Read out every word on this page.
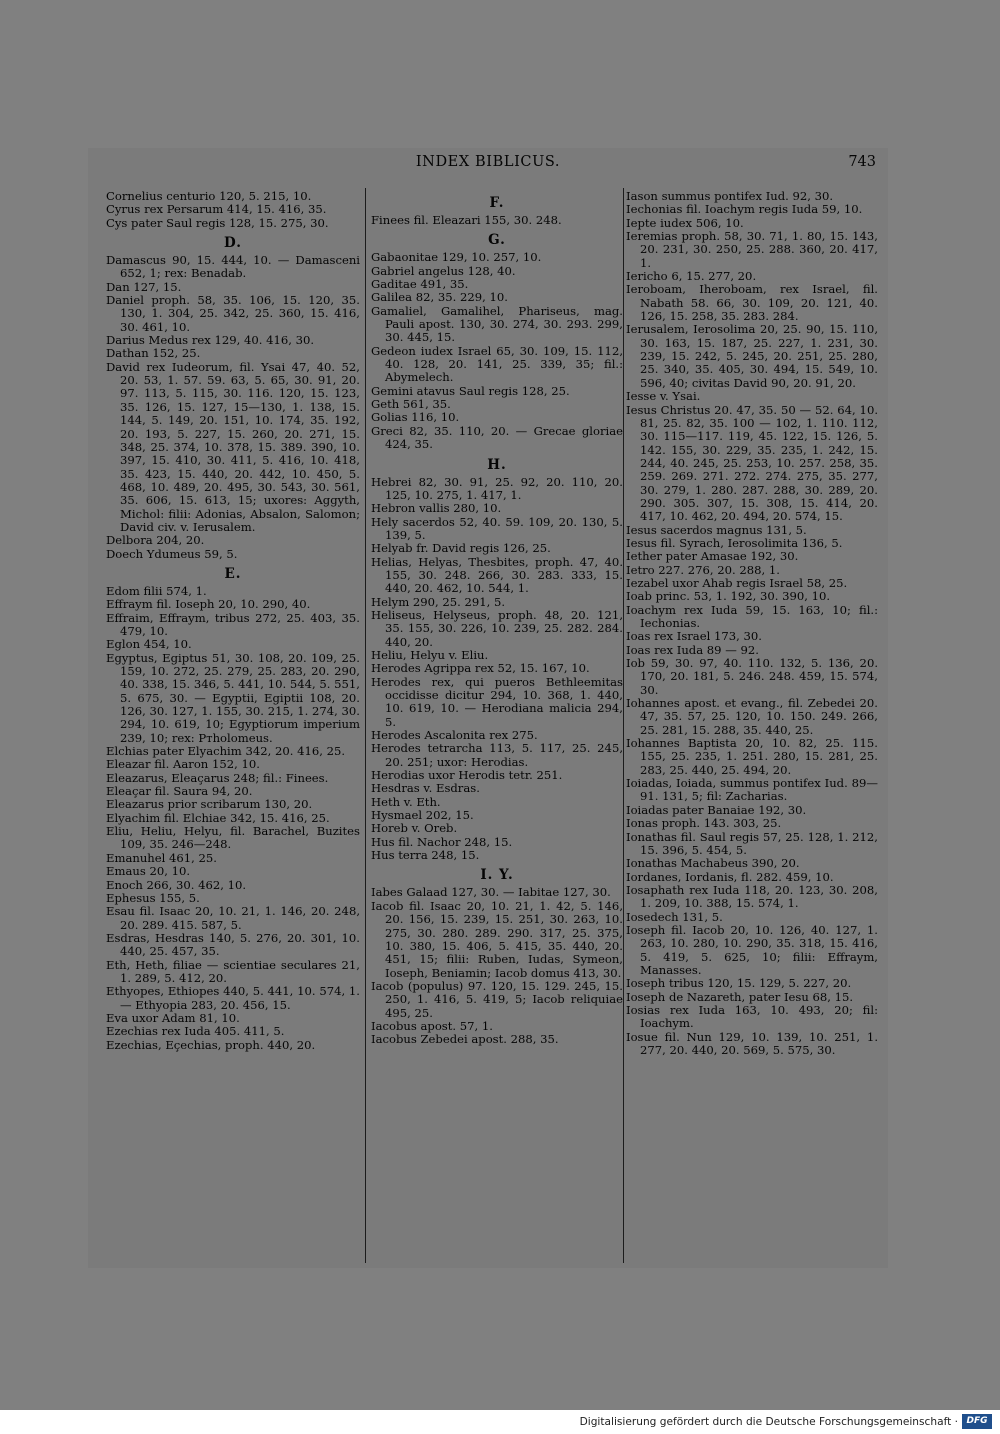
INDEX BIBLICUS.	743

Cornelius centurio 120, 5. 215, 10.

Cyrus rex Persarum 414, 15. 416, 35.

Cys pater Saul regis 128, 15. 275, 30.

D.

Damascus 90, 15. 444, 10. — Damasceni 652, 1; rex: Benadab.

Dan 127, 15.

Daniel proph. 58, 35. 106, 15. 120, 35. 130, 1. 304, 25. 342, 25. 360, 15. 416, 30. 461, 10.

Darius Medus rex 129, 40. 416, 30.

Dathan 152, 25.

David rex Iudeorum, fil. Ysai 47, 40. 52, 20. 53, 1. 57. 59. 63, 5. 65, 30. 91, 20. 97. 113, 5. 115, 30. 116. 120, 15. 123, 35. 126, 15. 127, 15—130, 1. 138, 15. 144, 5. 149, 20. 151, 10. 174, 35. 192, 20. 193, 5. 227, 15. 260, 20. 271, 15. 348, 25. 374, 10. 378, 15. 389. 390, 10. 397, 15. 410, 30. 411, 5. 416, 10. 418, 35. 423, 15. 440, 20. 442, 10. 450, 5. 468, 10. 489, 20. 495, 30. 543, 30. 561, 35. 606, 15. 613, 15; uxores: Aggyth, Michol: filii: Adonias, Absalon, Salomon; David civ. v. Ierusalem.

Delbora 204, 20.

Doech Ydumeus 59, 5.

E.

Edom filii 574, 1.

Effraym fil. Ioseph 20, 10. 290, 40.

Effraim, Effraym, tribus 272, 25. 403, 35. 479, 10.

Eglon 454, 10.

Egyptus, Egiptus 51, 30. 108, 20. 109, 25. 159, 10. 272, 25. 279, 25. 283, 20. 290, 40. 338, 15. 346, 5. 441, 10. 544, 5. 551, 5. 675, 30. — Egyptii, Egiptii 108, 20. 126, 30. 127, 1. 155, 30. 215, 1. 274, 30. 294, 10. 619, 10; Egyptiorum imperium 239, 10; rex: Pтholomeus.

Elchias pater Elyachim 342, 20. 416, 25.

Eleazar fil. Aaron 152, 10.

Eleazarus, Eleaçarus 248; fil.: Finees.

Eleaçar fil. Saura 94, 20.

Eleazarus prior scribarum 130, 20.

Elyachim fil. Elchiae 342, 15. 416, 25.

Eliu, Heliu, Helyu, fil. Barachel, Buzites 109, 35. 246—248.

Emanuhel 461, 25.

Emaus 20, 10.

Enoch 266, 30. 462, 10.

Ephesus 155, 5.

Esau fil. Isaac 20, 10. 21, 1. 146, 20. 248, 20. 289. 415. 587, 5.

Esdras, Hesdras 140, 5. 276, 20. 301, 10. 440, 25. 457, 35.

Eth, Heth, filiae — scientiae seculares 21, 1. 289, 5. 412, 20.

Ethyopes, Ethiopes 440, 5. 441, 10. 574, 1. — Ethyopia 283, 20. 456, 15.

Eva uxor Adam 81, 10.

Ezechias rex Iuda 405. 411, 5.

Ezechias, Eçechias, proph. 440, 20.

F.

Finees fil. Eleazari 155, 30. 248.

G.

Gabaonitae 129, 10. 257, 10.

Gabriel angelus 128, 40.

Gaditae 491, 35.

Galilea 82, 35. 229, 10.

Gamaliel, Gamalihel, Phariseus, mag. Pauli apost. 130, 30. 274, 30. 293. 299, 30. 445, 15.

Gedeon iudex Israel 65, 30. 109, 15. 112, 40. 128, 20. 141, 25. 339, 35; fil.: Abymelech.

Gemini atavus Saul regis 128, 25.

Geth 561, 35.

Golias 116, 10.

Greci 82, 35. 110, 20. — Grecae gloriae 424, 35.

H.

Hebrei 82, 30. 91, 25. 92, 20. 110, 20. 125, 10. 275, 1. 417, 1.

Hebron vallis 280, 10.

Hely sacerdos 52, 40. 59. 109, 20. 130, 5. 139, 5.

Helyab fr. David regis 126, 25.

Helias, Helyas, Thesbites, proph. 47, 40. 155, 30. 248. 266, 30. 283. 333, 15. 440, 20. 462, 10. 544, 1.

Helym 290, 25. 291, 5.

Heliseus, Helyseus, proph. 48, 20. 121, 35. 155, 30. 226, 10. 239, 25. 282. 284. 440, 20.

Heliu, Helyu v. Eliu.

Herodes Agrippa rex 52, 15. 167, 10.

Herodes rex, qui pueros Bethleemitas occidisse dicitur 294, 10. 368, 1. 440, 10. 619, 10. — Herodiana malicia 294, 5.

Herodes Ascalonita rex 275.

Herodes tetrarcha 113, 5. 117, 25. 245, 20. 251; uxor: Herodias.

Herodias uxor Herodis tetr. 251.

Hesdras v. Esdras.

Heth v. Eth.

Hysmael 202, 15.

Horeb v. Oreb.

Hus fil. Nachor 248, 15.

Hus terra 248, 15.

I. Y.

Iabes Galaad 127, 30. — Iabitae 127, 30.

Iacob fil. Isaac 20, 10. 21, 1. 42, 5. 146, 20. 156, 15. 239, 15. 251, 30. 263, 10. 275, 30. 280. 289. 290. 317, 25. 375, 10. 380, 15. 406, 5. 415, 35. 440, 20. 451, 15; filii: Ruben, Iudas, Symeon, Ioseph, Beniamin; Iacob domus 413, 30.

Iacob (populus) 97. 120, 15. 129. 245, 15. 250, 1. 416, 5. 419, 5; Iacob reliquiae 495, 25.

Iacobus apost. 57, 1.

Iacobus Zebedei apost. 288, 35.

Iason summus pontifex Iud. 92, 30.

Iechonias fil. Ioachym regis Iuda 59, 10.

Iepte iudex 506, 10.

Ieremias proph. 58, 30. 71, 1. 80, 15. 143, 20. 231, 30. 250, 25. 288. 360, 20. 417, 1.

Iericho 6, 15. 277, 20.

Ieroboam, Iheroboam, rex Israel, fil. Nabath 58. 66, 30. 109, 20. 121, 40. 126, 15. 258, 35. 283. 284.

Ierusalem, Ierosolima 20, 25. 90, 15. 110, 30. 163, 15. 187, 25. 227, 1. 231, 30. 239, 15. 242, 5. 245, 20. 251, 25. 280, 25. 340, 35. 405, 30. 494, 15. 549, 10. 596, 40; civitas David 90, 20. 91, 20.

Iesse v. Ysai.

Iesus Christus 20. 47, 35. 50 — 52. 64, 10. 81, 25. 82, 35. 100 — 102, 1. 110. 112, 30. 115—117. 119, 45. 122, 15. 126, 5. 142. 155, 30. 229, 35. 235, 1. 242, 15. 244, 40. 245, 25. 253, 10. 257. 258, 35. 259. 269. 271. 272. 274. 275, 35. 277, 30. 279, 1. 280. 287. 288, 30. 289, 20. 290. 305. 307, 15. 308, 15. 414, 20. 417, 10. 462, 20. 494, 20. 574, 15.

Iesus sacerdos magnus 131, 5.

Iesus fil. Syrach, Ierosolimita 136, 5.

Iether pater Amasae 192, 30.

Ietro 227. 276, 20. 288, 1.

Iezabel uxor Ahab regis Israel 58, 25.

Ioab princ. 53, 1. 192, 30. 390, 10.

Ioachym rex Iuda 59, 15. 163, 10; fil.: Iechonias.

Ioas rex Israel 173, 30.

Ioas rex Iuda 89 — 92.

Iob 59, 30. 97, 40. 110. 132, 5. 136, 20. 170, 20. 181, 5. 246. 248. 459, 15. 574, 30.

Iohannes apost. et evang., fil. Zebedei 20. 47, 35. 57, 25. 120, 10. 150. 249. 266, 25. 281, 15. 288, 35. 440, 25.

Iohannes Baptista 20, 10. 82, 25. 115. 155, 25. 235, 1. 251. 280, 15. 281, 25. 283, 25. 440, 25. 494, 20.

Ioiadas, Ioiada, summus pontifex Iud. 89—91. 131, 5; fil: Zacharias.

Ioiadas pater Banaiae 192, 30.

Ionas proph. 143. 303, 25.

Ionathas fil. Saul regis 57, 25. 128, 1. 212, 15. 396, 5. 454, 5.

Ionathas Machabeus 390, 20.

Iordanes, Iordanis, fl. 282. 459, 10.

Iosaphath rex Iuda 118, 20. 123, 30. 208, 1. 209, 10. 388, 15. 574, 1.

Iosedech 131, 5.

Ioseph fil. Iacob 20, 10. 126, 40. 127, 1. 263, 10. 280, 10. 290, 35. 318, 15. 416, 5. 419, 5. 625, 10; filii: Effraym, Manasses.

Ioseph tribus 120, 15. 129, 5. 227, 20.

Ioseph de Nazareth, pater Iesu 68, 15.

Iosias rex Iuda 163, 10. 493, 20; fil: Ioachym.

Iosue fil. Nun 129, 10. 139, 10. 251, 1. 277, 20. 440, 20. 569, 5. 575, 30.

Digitalisierung gefördert durch die Deutsche Forschungsgemeinschaft · DFG
